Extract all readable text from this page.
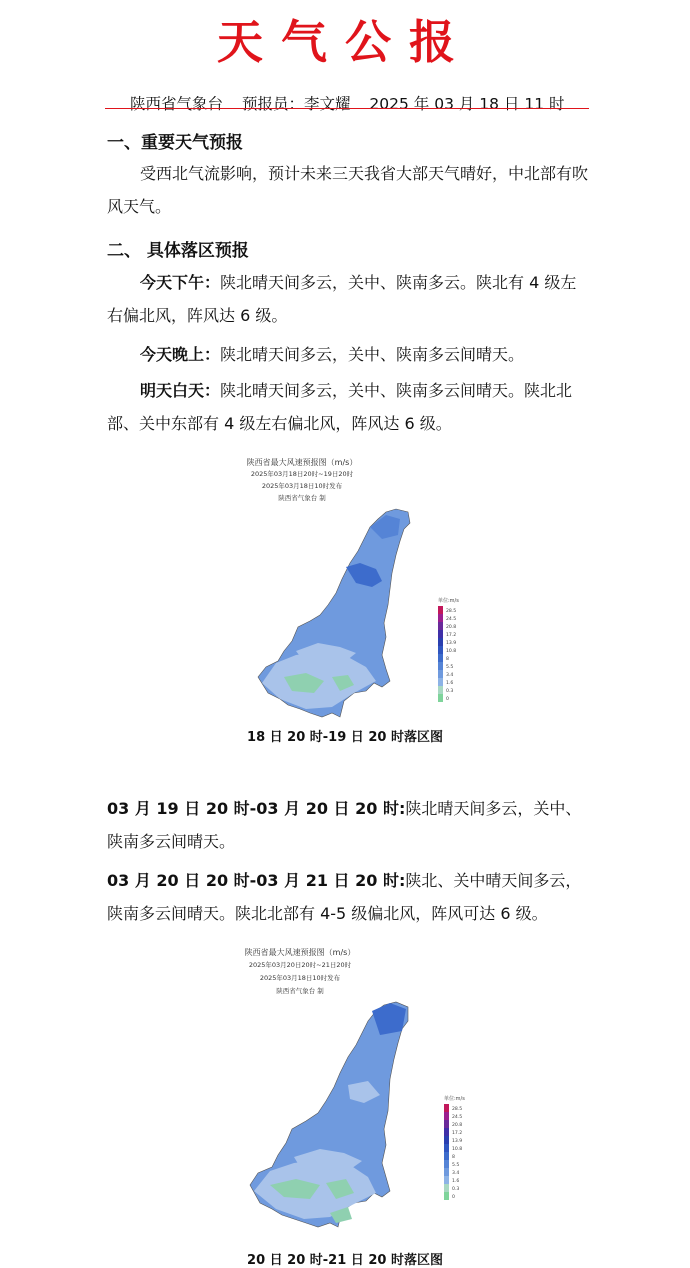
天气公报
陕西省气象台 预报员：李文耀 2025 年 03 月 18 日 11 时
一、重要天气预报
受西北气流影响，预计未来三天我省大部天气晴好，中北部有吹风天气。
二、 具体落区预报
今天下午：陕北晴天间多云，关中、陕南多云。陕北有 4 级左右偏北风，阵风达 6 级。
今天晚上：陕北晴天间多云，关中、陕南多云间晴天。
明天白天：陕北晴天间多云，关中、陕南多云间晴天。陕北北部、关中东部有 4 级左右偏北风，阵风达 6 级。
陕西省最大风速预报图（m/s）
2025年03月18日20时~19日20时
2025年03月18日10时发布
陕西省气象台 制
单位:m/s
28.5
24.5
20.8
17.2
13.9
10.8
8
5.5
3.4
1.6
0.3
0
18 日 20 时-19 日 20 时落区图
03 月 19 日 20 时-03 月 20 日 20 时:陕北晴天间多云，关中、陕南多云间晴天。
03 月 20 日 20 时-03 月 21 日 20 时:陕北、关中晴天间多云，陕南多云间晴天。陕北北部有 4-5 级偏北风，阵风可达 6 级。
陕西省最大风速预报图（m/s）
2025年03月20日20时~21日20时
2025年03月18日10时发布
陕西省气象台 制
单位:m/s
28.5
24.5
20.8
17.2
13.9
10.8
8
5.5
3.4
1.6
0.3
0
20 日 20 时-21 日 20 时落区图
